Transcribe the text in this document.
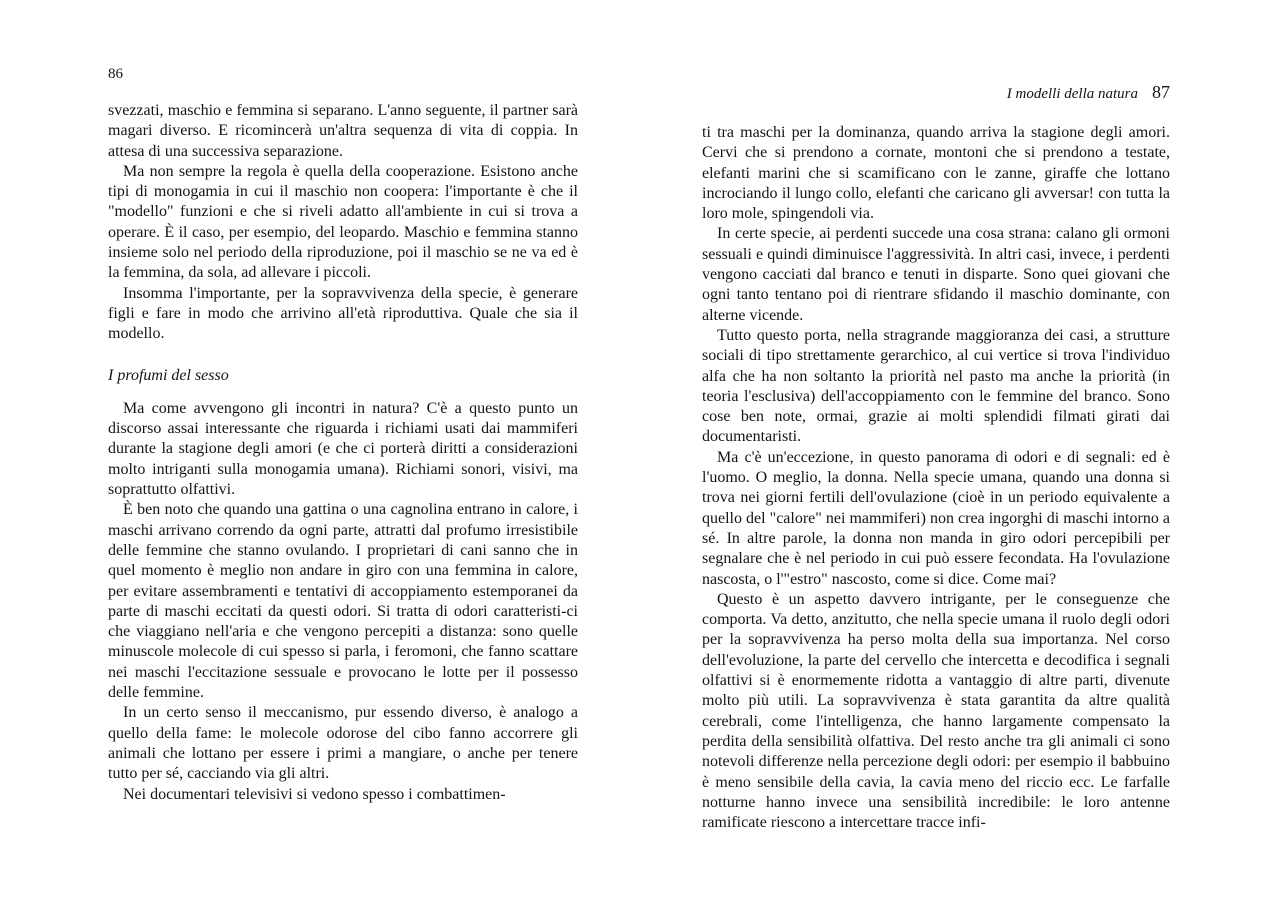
86

svezzati, maschio e femmina si separano. L'anno seguente, il partner sarà magari diverso. E ricomincerà un'altra sequenza di vita di coppia. In attesa di una successiva separazione.

Ma non sempre la regola è quella della cooperazione. Esistono anche tipi di monogamia in cui il maschio non coopera: l'importante è che il "modello" funzioni e che si riveli adatto all'ambiente in cui si trova a operare. È il caso, per esempio, del leopardo. Maschio e femmina stanno insieme solo nel periodo della riproduzione, poi il maschio se ne va ed è la femmina, da sola, ad allevare i piccoli.

Insomma l'importante, per la sopravvivenza della specie, è generare figli e fare in modo che arrivino all'età riproduttiva. Quale che sia il modello.

I profumi del sesso

Ma come avvengono gli incontri in natura? C'è a questo punto un discorso assai interessante che riguarda i richiami usati dai mammiferi durante la stagione degli amori (e che ci porterà diritti a considerazioni molto intriganti sulla monogamia umana). Richiami sonori, visivi, ma soprattutto olfattivi.

È ben noto che quando una gattina o una cagnolina entrano in calore, i maschi arrivano correndo da ogni parte, attratti dal profumo irresistibile delle femmine che stanno ovulando. I proprietari di cani sanno che in quel momento è meglio non andare in giro con una femmina in calore, per evitare assembramenti e tentativi di accoppiamento estemporanei da parte di maschi eccitati da questi odori. Si tratta di odori caratteristi-ci che viaggiano nell'aria e che vengono percepiti a distanza: sono quelle minuscole molecole di cui spesso si parla, i feromoni, che fanno scattare nei maschi l'eccitazione sessuale e provocano le lotte per il possesso delle femmine.

In un certo senso il meccanismo, pur essendo diverso, è analogo a quello della fame: le molecole odorose del cibo fanno accorrere gli animali che lottano per essere i primi a mangiare, o anche per tenere tutto per sé, cacciando via gli altri.

Nei documentari televisivi si vedono spesso i combattimen-

I modelli della natura 87

ti tra maschi per la dominanza, quando arriva la stagione degli amori. Cervi che si prendono a cornate, montoni che si prendono a testate, elefanti marini che si scamificano con le zanne, giraffe che lottano incrociando il lungo collo, elefanti che caricano gli avversar! con tutta la loro mole, spingendoli via.

In certe specie, ai perdenti succede una cosa strana: calano gli ormoni sessuali e quindi diminuisce l'aggressività. In altri casi, invece, i perdenti vengono cacciati dal branco e tenuti in disparte. Sono quei giovani che ogni tanto tentano poi di rientrare sfidando il maschio dominante, con alterne vicende.

Tutto questo porta, nella stragrande maggioranza dei casi, a strutture sociali di tipo strettamente gerarchico, al cui vertice si trova l'individuo alfa che ha non soltanto la priorità nel pasto ma anche la priorità (in teoria l'esclusiva) dell'accoppiamento con le femmine del branco. Sono cose ben note, ormai, grazie ai molti splendidi filmati girati dai documentaristi.

Ma c'è un'eccezione, in questo panorama di odori e di segnali: ed è l'uomo. O meglio, la donna. Nella specie umana, quando una donna si trova nei giorni fertili dell'ovulazione (cioè in un periodo equivalente a quello del "calore" nei mammiferi) non crea ingorghi di maschi intorno a sé. In altre parole, la donna non manda in giro odori percepibili per segnalare che è nel periodo in cui può essere fecondata. Ha l'ovulazione nascosta, o l'"estro" nascosto, come si dice. Come mai?

Questo è un aspetto davvero intrigante, per le conseguenze che comporta. Va detto, anzitutto, che nella specie umana il ruolo degli odori per la sopravvivenza ha perso molta della sua importanza. Nel corso dell'evoluzione, la parte del cervello che intercetta e decodifica i segnali olfattivi si è enormemente ridotta a vantaggio di altre parti, divenute molto più utili. La sopravvivenza è stata garantita da altre qualità cerebrali, come l'intelligenza, che hanno largamente compensato la perdita della sensibilità olfattiva. Del resto anche tra gli animali ci sono notevoli differenze nella percezione degli odori: per esempio il babbuino è meno sensibile della cavia, la cavia meno del riccio ecc. Le farfalle notturne hanno invece una sensibilità incredibile: le loro antenne ramificate riescono a intercettare tracce infi-
